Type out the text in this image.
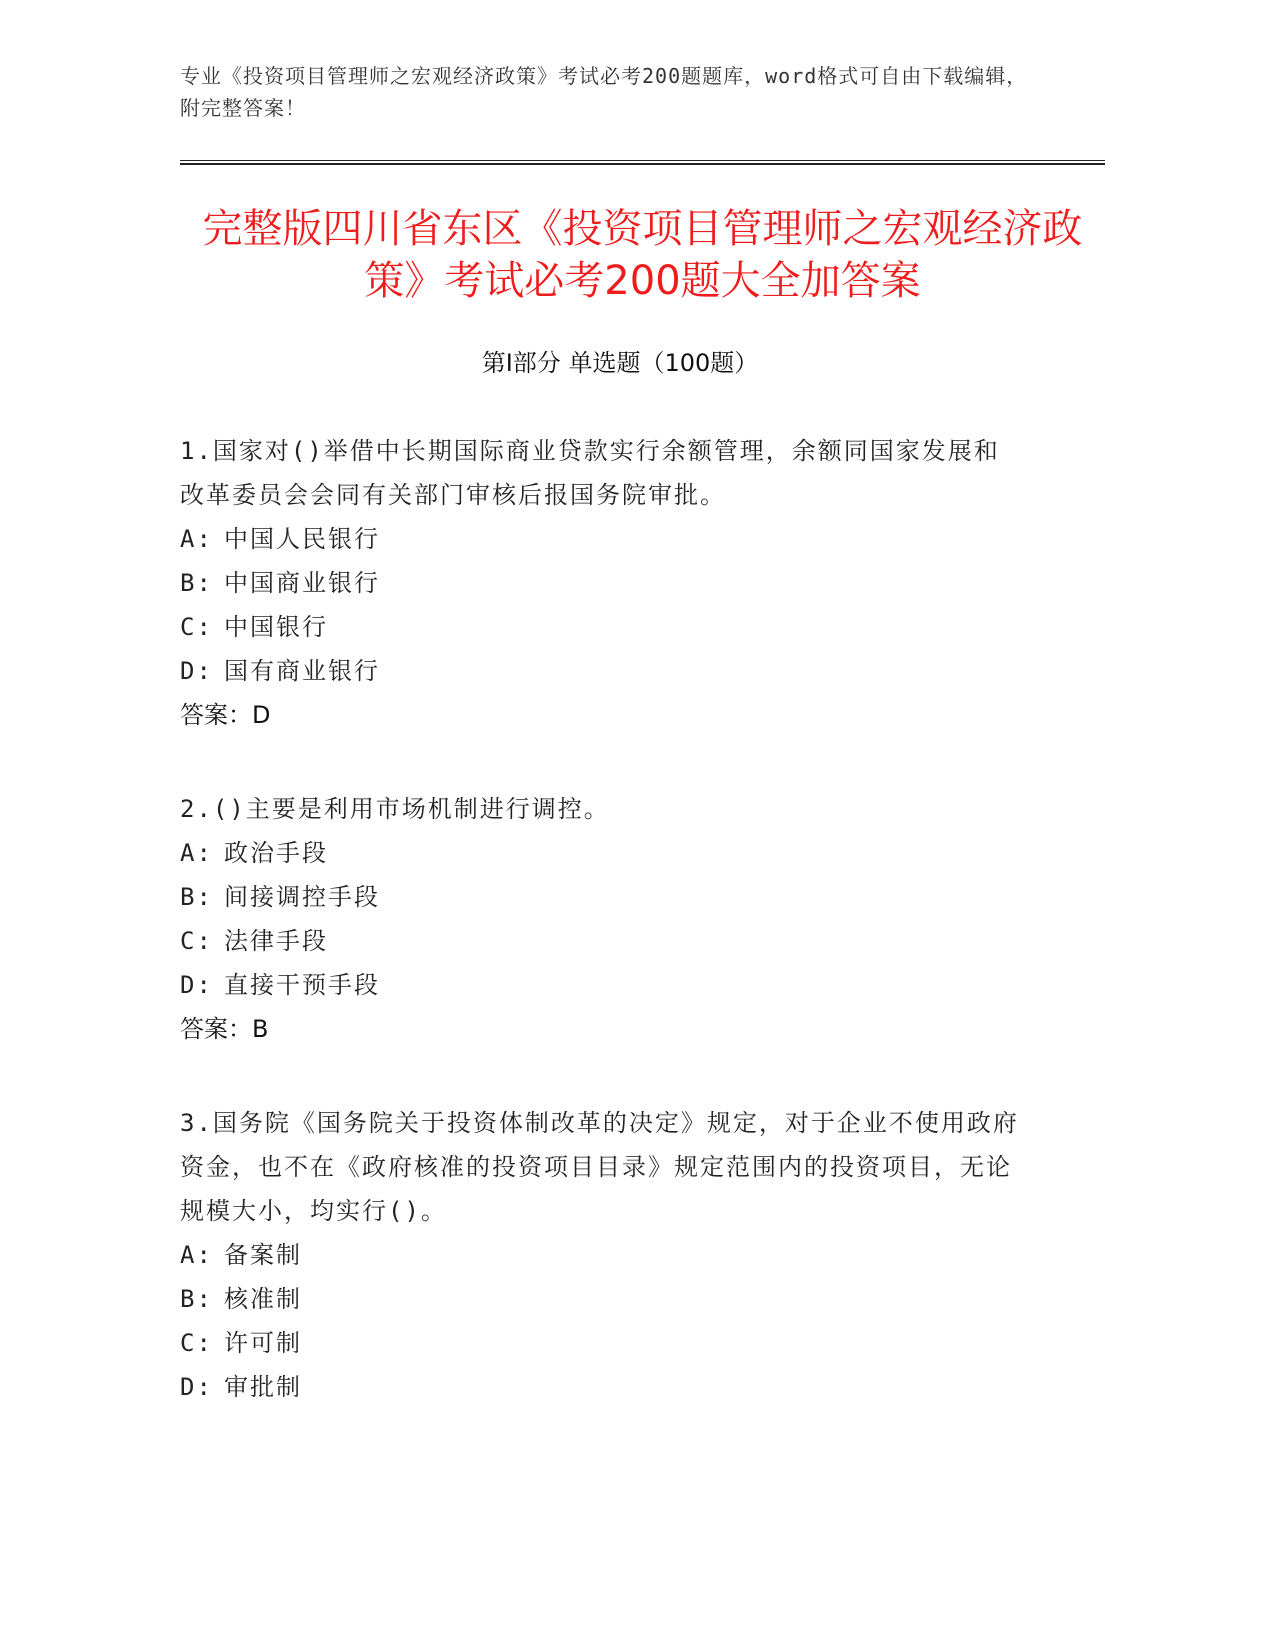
专业《投资项目管理师之宏观经济政策》考试必考200题题库，word格式可自由下载编辑，附完整答案！
完整版四川省东区《投资项目管理师之宏观经济政策》考试必考200题大全加答案
第Ⅰ部分 单选题（100题）
1.国家对()举借中长期国际商业贷款实行余额管理，余额同国家发展和改革委员会会同有关部门审核后报国务院审批。
A: 中国人民银行
B: 中国商业银行
C: 中国银行
D: 国有商业银行
答案：D
2.()主要是利用市场机制进行调控。
A: 政治手段
B: 间接调控手段
C: 法律手段
D: 直接干预手段
答案：B
3.国务院《国务院关于投资体制改革的决定》规定，对于企业不使用政府资金，也不在《政府核准的投资项目目录》规定范围内的投资项目，无论规模大小，均实行()。
A: 备案制
B: 核准制
C: 许可制
D: 审批制
